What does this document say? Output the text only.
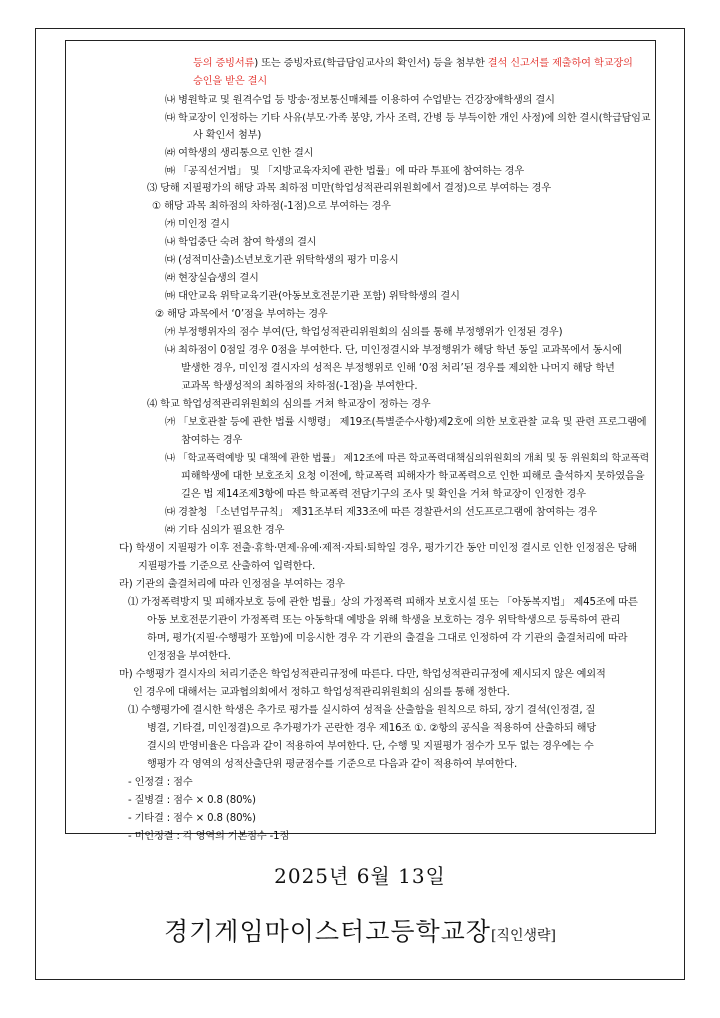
등의 증빙서류) 또는 증빙자료(학급담임교사의 확인서) 등을 첨부한 결석 신고서를 제출하여 학교장의
승인을 받은 결시
㈏ 병원학교 및 원격수업 등 방송·정보통신매체를 이용하여 수업받는 건강장애학생의 결시
㈐ 학교장이 인정하는 기타 사유(부모·가족 봉양, 가사 조력, 간병 등 부득이한 개인 사정)에 의한 결시(학급담임교
사 확인서 첨부)
㈑ 여학생의 생리통으로 인한 결시
㈒ 「공직선거법」 및 「지방교육자치에 관한 법률」에 따라 투표에 참여하는 경우
⑶ 당해 지필평가의 해당 과목 최하점 미만(학업성적관리위원회에서 결정)으로 부여하는 경우
① 해당 과목 최하점의 차하점(-1점)으로 부여하는 경우
㈎ 미인정 결시
㈏ 학업중단 숙려 참여 학생의 결시
㈐ (성적미산출)소년보호기관 위탁학생의 평가 미응시
㈑ 현장실습생의 결시
㈒ 대안교육 위탁교육기관(아동보호전문기관 포함) 위탁학생의 결시
② 해당 과목에서 ‘0’점을 부여하는 경우
㈎ 부정행위자의 점수 부여(단, 학업성적관리위원회의 심의를 통해 부정행위가 인정된 경우)
㈏ 최하점이 0점일 경우 0점을 부여한다. 단, 미인정결시와 부정행위가 해당 학년 동일 교과목에서 동시에
발생한 경우, 미인정 결시자의 성적은 부정행위로 인해 ‘0점 처리’된 경우를 제외한 나머지 해당 학년
교과목 학생성적의 최하점의 차하점(-1점)을 부여한다.
⑷ 학교 학업성적관리위원회의 심의를 거쳐 학교장이 정하는 경우
㈎ 「보호관찰 등에 관한 법률 시행령」 제19조(특별준수사항)제2호에 의한 보호관찰 교육 및 관련 프로그램에
참여하는 경우
㈏ 「학교폭력예방 및 대책에 관한 법률」 제12조에 따른 학교폭력대책심의위원회의 개최 및 동 위원회의 학교폭력
피해학생에 대한 보호조치 요청 이전에, 학교폭력 피해자가 학교폭력으로 인한 피해로 출석하지 못하였음을
길은 법 제14조제3항에 따른 학교폭력 전담기구의 조사 및 확인을 거쳐 학교장이 인정한 경우
㈐ 경찰청 「소년업무규칙」 제31조부터 제33조에 따른 경찰관서의 선도프로그램에 참여하는 경우
㈑ 기타 심의가 필요한 경우
다) 학생이 지필평가 이후 전출·휴학·면제·유예·제적·자퇴·퇴학일 경우, 평가기간 동안 미인정 결시로 인한 인정점은 당해
지필평가를 기준으로 산출하여 입력한다.
라) 기관의 출결처리에 따라 인정점을 부여하는 경우
⑴ 가정폭력방지 및 피해자보호 등에 관한 법률」상의 가정폭력 피해자 보호시설 또는 「아동복지법」 제45조에 따른
아동 보호전문기관이 가정폭력 또는 아동학대 예방을 위해 학생을 보호하는 경우 위탁학생으로 등록하여 관리
하며, 평가(지필·수행평가 포함)에 미응시한 경우 각 기관의 출결을 그대로 인정하여 각 기관의 출결처리에 따라
인정점을 부여한다.
마) 수행평가 결시자의 처리기준은 학업성적관리규정에 따른다. 다만, 학업성적관리규정에 제시되지 않은 예외적
인 경우에 대해서는 교과협의회에서 정하고 학업성적관리위원회의 심의를 통해 정한다.
⑴ 수행평가에 결시한 학생은 추가로 평가를 실시하여 성적을 산출함을 원칙으로 하되, 장기 결석(인정결, 질
병결, 기타결, 미인정결)으로 추가평가가 곤란한 경우 제16조 ①. ②항의 공식을 적용하여 산출하되 해당
결시의 반영비율은 다음과 같이 적용하여 부여한다. 단, 수행 및 지필평가 점수가 모두 없는 경우에는 수
행평가 각 영역의 성적산출단위 평균점수를 기준으로 다음과 같이 적용하여 부여한다.
- 인정결 : 점수
- 질병결 : 점수 × 0.8 (80%)
- 기타결 : 점수 × 0.8 (80%)
- 미인정결 : 각 영역의 기본점수 -1점
2025년 6월 13일
경기게임마이스터고등학교장[직인생략]
